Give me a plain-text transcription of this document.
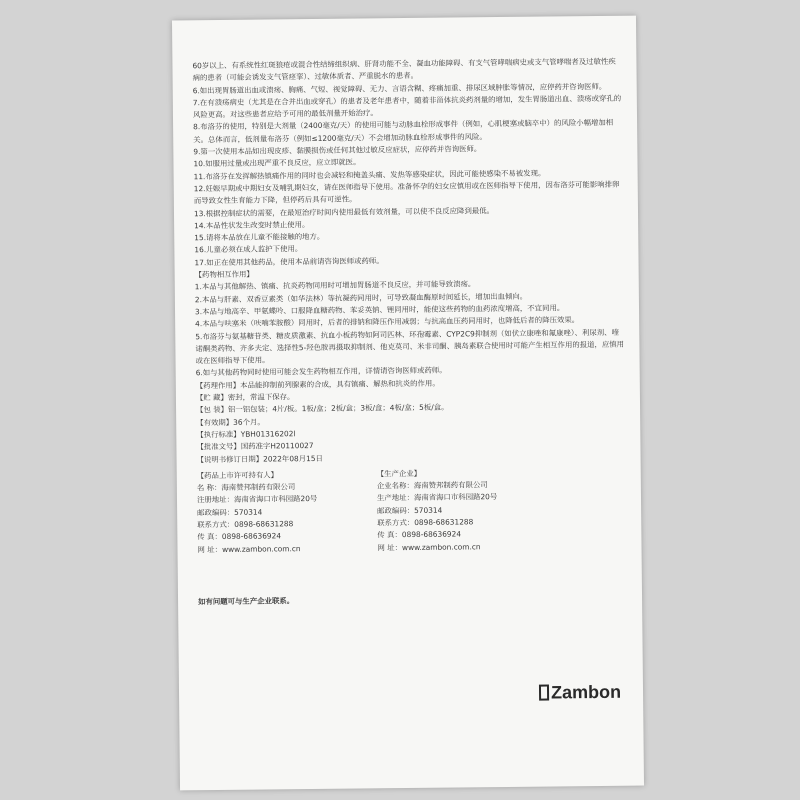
60岁以上、有系统性红斑狼疮或混合性结缔组织病、肝肾功能不全、凝血功能障碍、有支气管哮喘病史或支气管哮喘者及过敏性疾病的患者（可能会诱发支气管痉挛）、过敏体质者、严重脱水的患者。

6.如出现胃肠道出血或溃疡、胸痛、气短、视觉障碍、无力、言语含糊、疼痛加重、排尿区域肿胀等情况，应停药并咨询医师。

7.在有溃疡病史（尤其是在合并出血或穿孔）的患者及老年患者中，随着非甾体抗炎药剂量的增加，发生胃肠道出血、溃疡或穿孔的风险更高。对这些患者应给予可用的最低剂量开始治疗。

8.布洛芬的使用，特别是大剂量（2400毫克/天）的使用可能与动脉血栓形成事件（例如，心肌梗塞或脑卒中）的风险小幅增加相关。总体而言，低剂量布洛芬（例如≤1200毫克/天）不会增加动脉血栓形成事件的风险。

9.第一次使用本品如出现皮疹、黏膜损伤或任何其他过敏反应症状，应停药并咨询医师。

10.如服用过量或出现严重不良反应，应立即就医。

11.布洛芬在发挥解热镇痛作用的同时也会减轻和掩盖头痛、发热等感染症状，因此可能使感染不易被发现。

12.妊娠早期或中期妇女及哺乳期妇女，请在医师指导下使用。准备怀孕的妇女应慎用或在医师指导下使用，因布洛芬可能影响排卵而导致女性生育能力下降，但停药后具有可逆性。

13.根据控制症状的需要，在最短治疗时间内使用最低有效剂量，可以使不良反应降到最低。

14.本品性状发生改变时禁止使用。

15.请将本品放在儿童不能接触的地方。

16.儿童必须在成人监护下使用。

17.如正在使用其他药品，使用本品前请咨询医师或药师。

【药物相互作用】

1.本品与其他解热、镇痛、抗炎药物同用时可增加胃肠道不良反应，并可能导致溃疡。

2.本品与肝素、双香豆素类（如华法林）等抗凝药同用时，可导致凝血酶原时间延长，增加出血倾向。

3.本品与地高辛、甲氨蝶呤、口服降血糖药物、苯妥英钠、锂同用时，能使这些药物的血药浓度增高，不宜同用。

4.本品与呋塞米（呋喃苯胺酸）同用时，后者的排钠和降压作用减弱；与抗高血压药同用时，也降低后者的降压效果。

5.布洛芬与氨基糖苷类、糖皮质激素、抗血小板药物如阿司匹林、环孢霉素、CYP2C9抑制剂（如伏立康唑和氟康唑）、利尿剂、喹诺酮类药物、齐多夫定、选择性5-羟色胺再摄取抑制剂、他克莫司、米非司酮、胰岛素联合使用时可能产生相互作用的报道，应慎用或在医师指导下使用。

6.如与其他药物同时使用可能会发生药物相互作用，详情请咨询医师或药师。

【药理作用】本品能抑制前列腺素的合成，具有镇痛、解热和抗炎的作用。

【贮 藏】密封，常温下保存。

【包 装】铝一铝包装；4片/板。1板/盒；2板/盒；3板/盒；4板/盒；5板/盒。

【有效期】36个月。

【执行标准】YBH01316202l

【批准文号】国药准字H20110027

【说明书修订日期】2022年08月15日

【药品上市许可持有人】

名 称：海南赞邦制药有限公司

注册地址：海南省海口市科园路20号

邮政编码：570314

联系方式：0898-68631288

传 真：0898-68636924

网 址：www.zambon.com.cn

【生产企业】

企业名称：海南赞邦制药有限公司

生产地址：海南省海口市科园路20号

邮政编码：570314

联系方式：0898-68631288

传 真：0898-68636924

网 址：www.zambon.com.cn

如有问题可与生产企业联系。

Zambon
